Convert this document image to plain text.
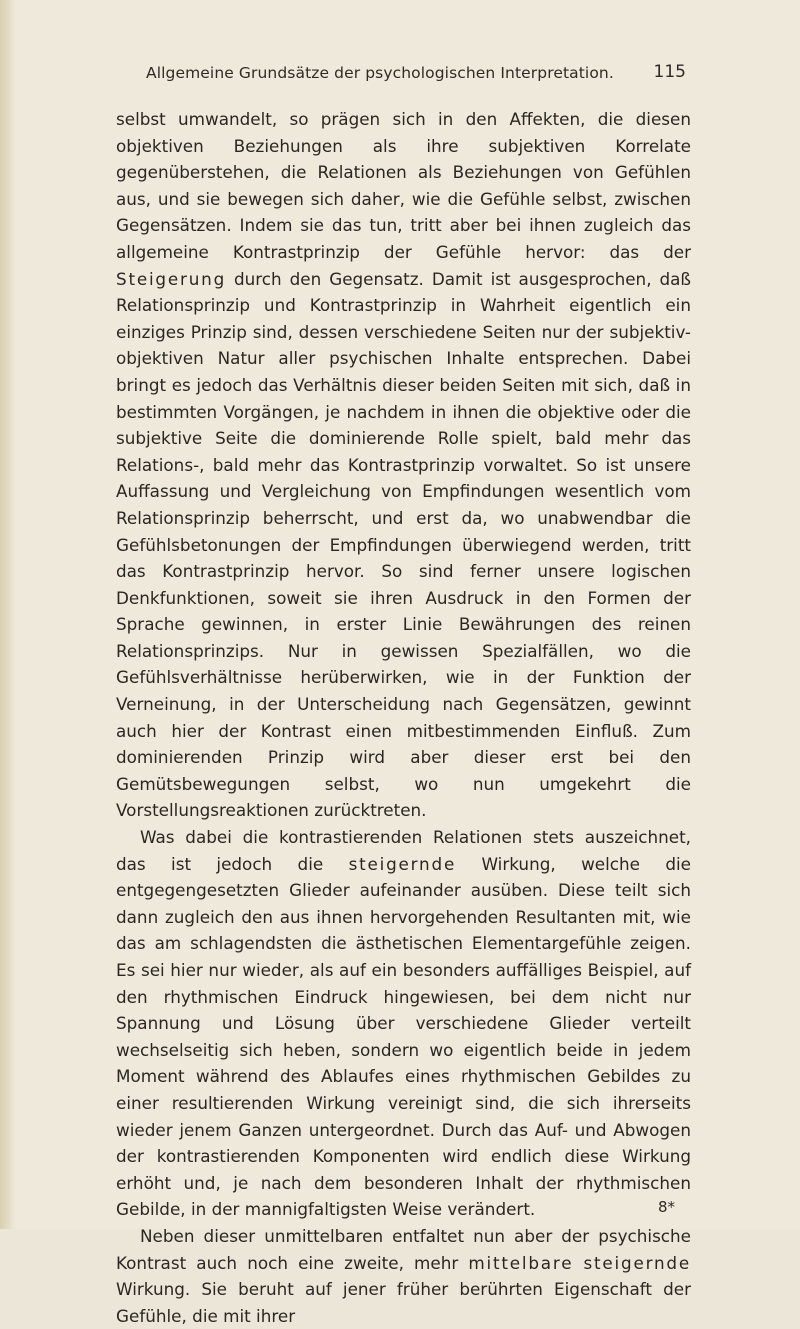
Allgemeine Grundsätze der psychologischen Interpretation. 115

selbst umwandelt, so prägen sich in den Affekten, die diesen objektiven Beziehungen als ihre subjektiven Korrelate gegenüberstehen, die Relationen als Beziehungen von Gefühlen aus, und sie bewegen sich daher, wie die Gefühle selbst, zwischen Gegensätzen. Indem sie das tun, tritt aber bei ihnen zugleich das allgemeine Kontrastprinzip der Gefühle hervor: das der Steigerung durch den Gegensatz. Damit ist ausgesprochen, daß Relationsprinzip und Kontrastprinzip in Wahrheit eigentlich ein einziges Prinzip sind, dessen verschiedene Seiten nur der subjektiv-objektiven Natur aller psychischen Inhalte entsprechen. Dabei bringt es jedoch das Verhältnis dieser beiden Seiten mit sich, daß in bestimmten Vorgängen, je nachdem in ihnen die objektive oder die subjektive Seite die dominierende Rolle spielt, bald mehr das Relations-, bald mehr das Kontrastprinzip vorwaltet. So ist unsere Auffassung und Vergleichung von Empfindungen wesentlich vom Relationsprinzip beherrscht, und erst da, wo unabwendbar die Gefühlsbetonungen der Empfindungen überwiegend werden, tritt das Kontrastprinzip hervor. So sind ferner unsere logischen Denkfunktionen, soweit sie ihren Ausdruck in den Formen der Sprache gewinnen, in erster Linie Bewährungen des reinen Relationsprinzips. Nur in gewissen Spezialfällen, wo die Gefühlsverhältnisse herüberwirken, wie in der Funktion der Verneinung, in der Unterscheidung nach Gegensätzen, gewinnt auch hier der Kontrast einen mitbestimmenden Einfluß. Zum dominierenden Prinzip wird aber dieser erst bei den Gemütsbewegungen selbst, wo nun umgekehrt die Vorstellungsreaktionen zurücktreten.

Was dabei die kontrastierenden Relationen stets auszeichnet, das ist jedoch die steigernde Wirkung, welche die entgegengesetzten Glieder aufeinander ausüben. Diese teilt sich dann zugleich den aus ihnen hervorgehenden Resultanten mit, wie das am schlagendsten die ästhetischen Elementargefühle zeigen. Es sei hier nur wieder, als auf ein besonders auffälliges Beispiel, auf den rhythmischen Eindruck hingewiesen, bei dem nicht nur Spannung und Lösung über verschiedene Glieder verteilt wechselseitig sich heben, sondern wo eigentlich beide in jedem Moment während des Ablaufes eines rhythmischen Gebildes zu einer resultierenden Wirkung vereinigt sind, die sich ihrerseits wieder jenem Ganzen untergeordnet. Durch das Auf- und Abwogen der kontrastierenden Komponenten wird endlich diese Wirkung erhöht und, je nach dem besonderen Inhalt der rhythmischen Gebilde, in der mannigfaltigsten Weise verändert.

Neben dieser unmittelbaren entfaltet nun aber der psychische Kontrast auch noch eine zweite, mehr mittelbare steigernde Wirkung. Sie beruht auf jener früher berührten Eigenschaft der Gefühle, die mit ihrer

8*
